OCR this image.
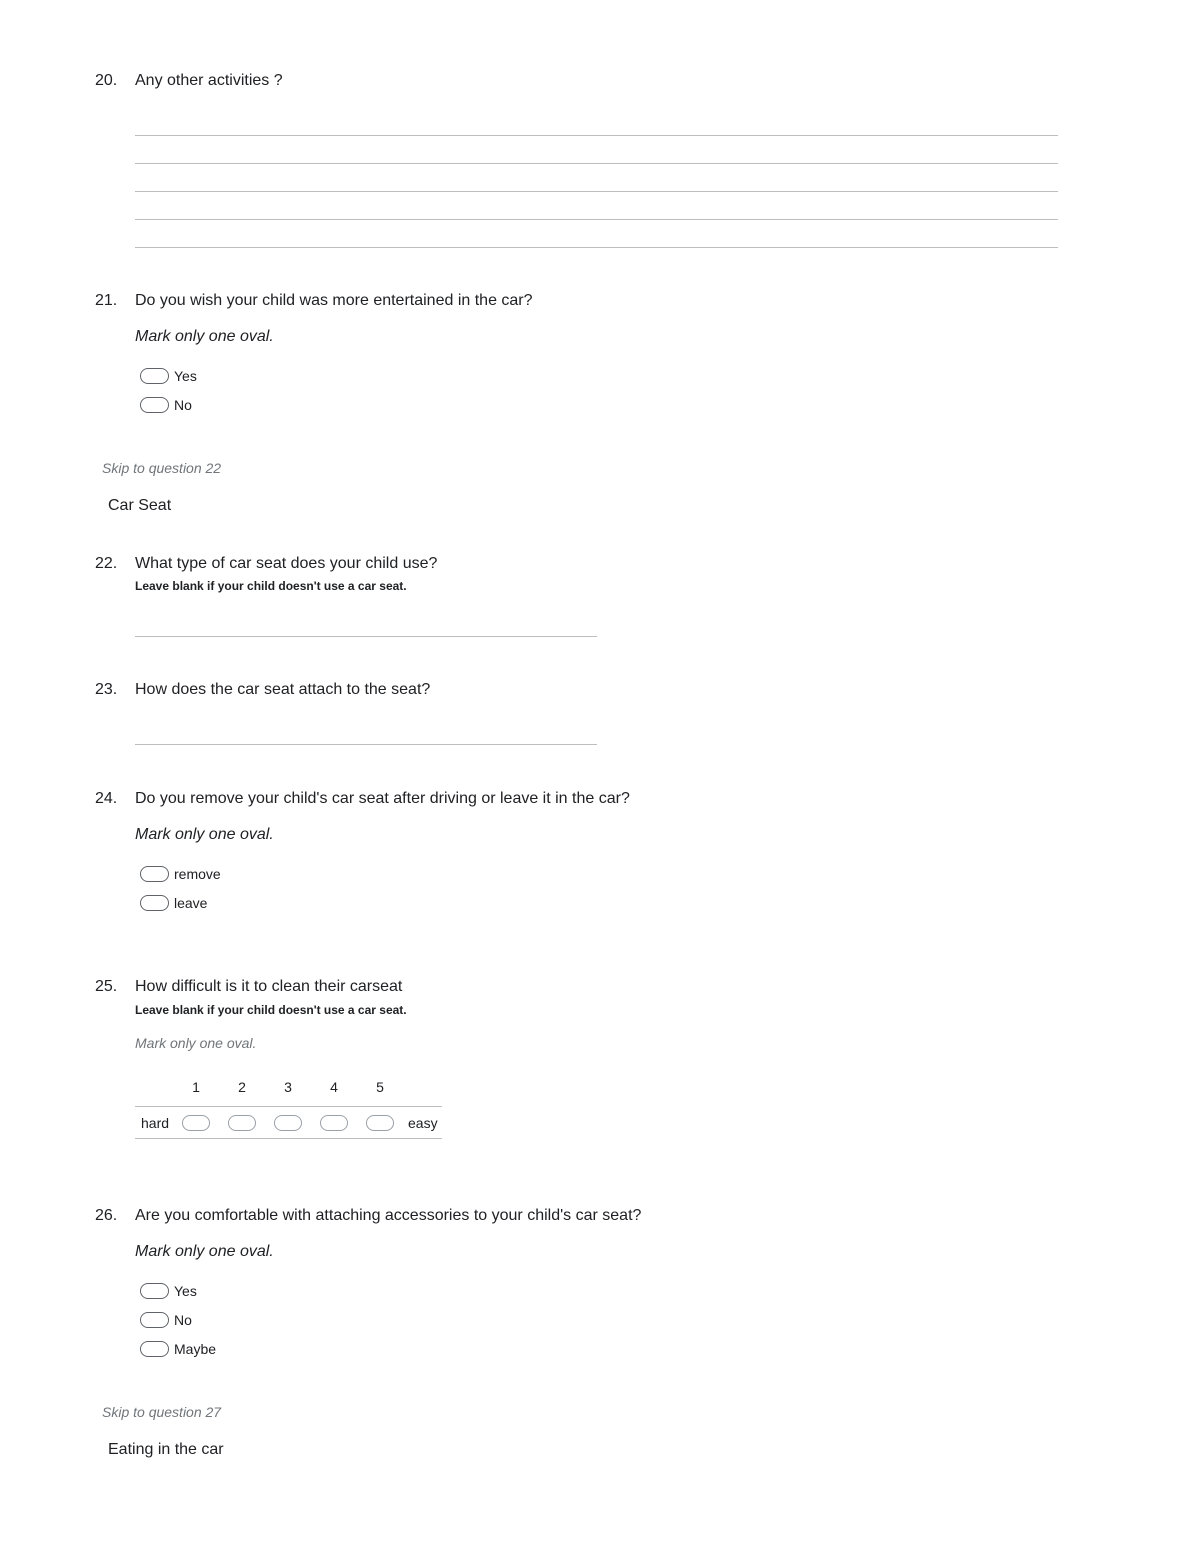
20. Any other activities ?
21. Do you wish your child was more entertained in the car?
Mark only one oval.
Yes
No
Skip to question 22
Car Seat
22. What type of car seat does your child use?
Leave blank if your child doesn't use a car seat.
23. How does the car seat attach to the seat?
24. Do you remove your child's car seat after driving or leave it in the car?
Mark only one oval.
remove
leave
25. How difficult is it to clean their carseat
Leave blank if your child doesn't use a car seat.
Mark only one oval.
1	2	3	4	5
hard	easy
26. Are you comfortable with attaching accessories to your child's car seat?
Mark only one oval.
Yes
No
Maybe
Skip to question 27
Eating in the car
